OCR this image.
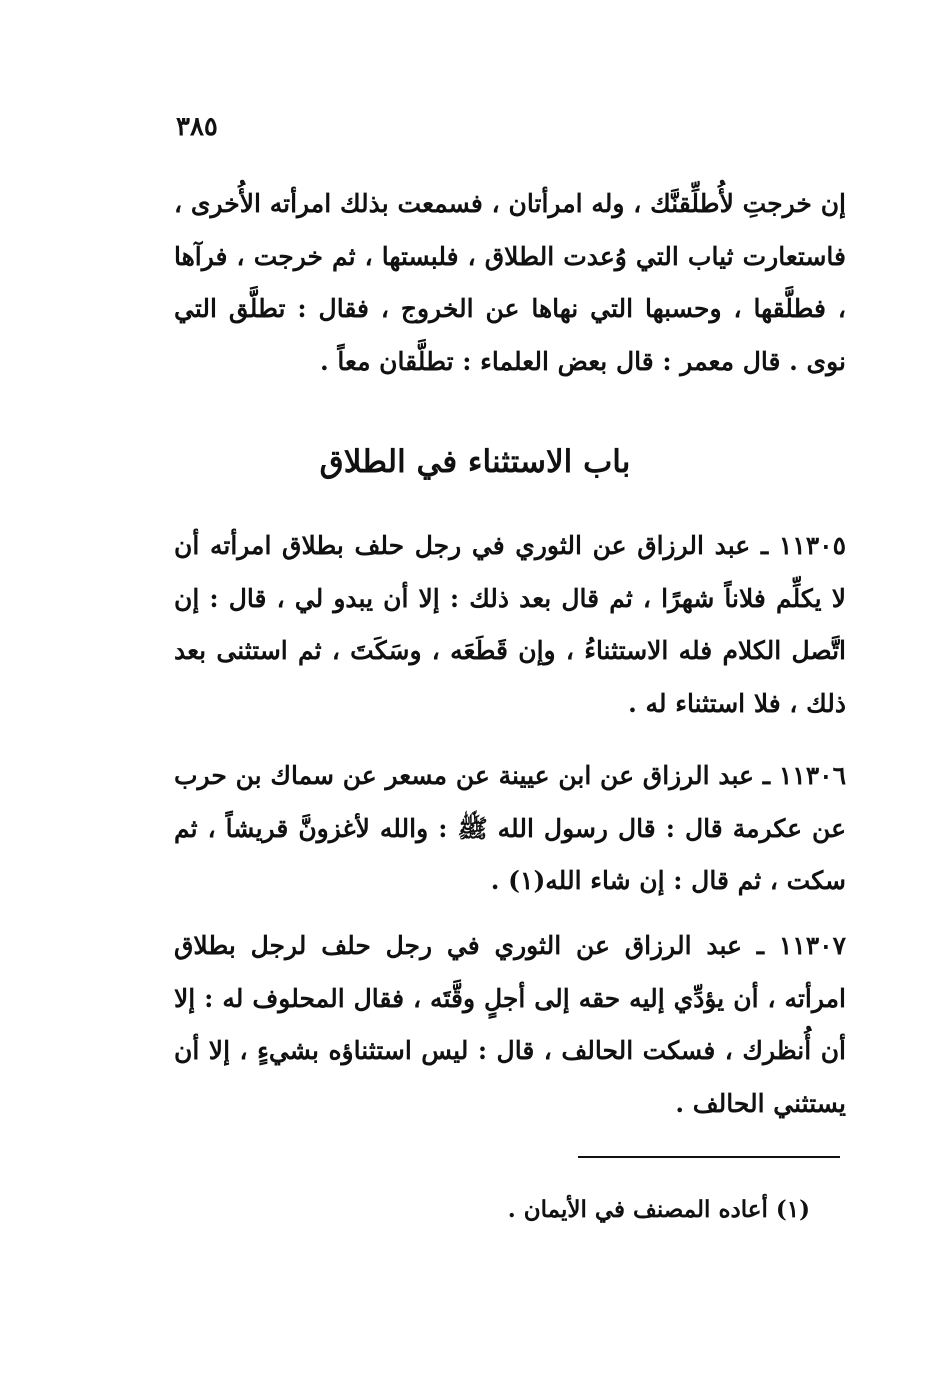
٣٨٥

إن خرجتِ لأُطلِّقنَّك ، وله امرأتان ، فسمعت بذلك امرأته الأُخرى ، فاستعارت ثياب التي وُعدت الطلاق ، فلبستها ، ثم خرجت ، فرآها ، فطلَّقها ، وحسبها التي نهاها عن الخروج ، فقال : تطلَّق التي نوى . قال معمر : قال بعض العلماء : تطلَّقان معاً .

باب الاستثناء في الطلاق

١١٣٠٥ ـ عبد الرزاق عن الثوري في رجل حلف بطلاق امرأته أن لا يكلِّم فلاناً شهرًا ، ثم قال بعد ذلك : إلا أن يبدو لي ، قال : إن اتَّصل الكلام فله الاستثناءُ ، وإن قَطَعَه ، وسَكَتَ ، ثم استثنى بعد ذلك ، فلا استثناء له .

١١٣٠٦ ـ عبد الرزاق عن ابن عيينة عن مسعر عن سماك بن حرب عن عكرمة قال : قال رسول الله ﷺ : والله لأغزونَّ قريشاً ، ثم سكت ، ثم قال : إن شاء الله(١) .

١١٣٠٧ ـ عبد الرزاق عن الثوري في رجل حلف لرجل بطلاق امرأته ، أن يؤدِّي إليه حقه إلى أجلٍ وقَّتَه ، فقال المحلوف له : إلا أن أُنظرك ، فسكت الحالف ، قال : ليس استثناؤه بشيءٍ ، إلا أن يستثني الحالف .

(١) أعاده المصنف في الأيمان .
